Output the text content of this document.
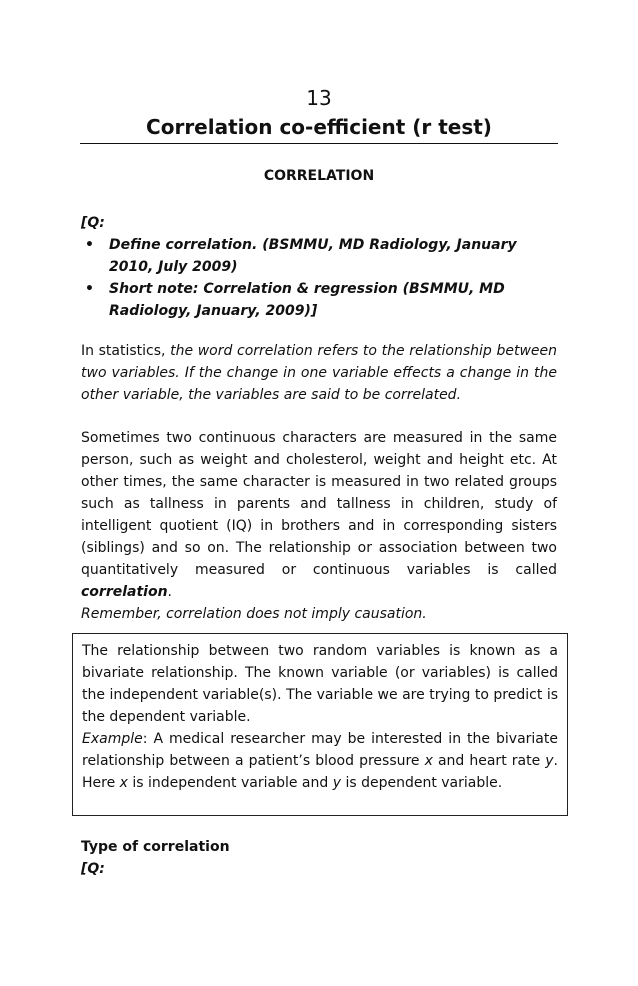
13
Correlation co-efficient (r test)
CORRELATION
[Q:
• Define correlation. (BSMMU, MD Radiology, January 2010, July 2009)
• Short note: Correlation & regression (BSMMU, MD Radiology, January, 2009)]
In statistics, the word correlation refers to the relationship between two variables. If the change in one variable effects a change in the other variable, the variables are said to be correlated.
Sometimes two continuous characters are measured in the same person, such as weight and cholesterol, weight and height etc. At other times, the same character is measured in two related groups such as tallness in parents and tallness in children, study of intelligent quotient (IQ) in brothers and in corresponding sisters (siblings) and so on. The relationship or association between two quantitatively measured or continuous variables is called correlation.
Remember, correlation does not imply causation.
The relationship between two random variables is known as a bivariate relationship. The known variable (or variables) is called the independent variable(s). The variable we are trying to predict is the dependent variable.
Example: A medical researcher may be interested in the bivariate relationship between a patient’s blood pressure x and heart rate y. Here x is independent variable and y is dependent variable.
Type of correlation
[Q:
